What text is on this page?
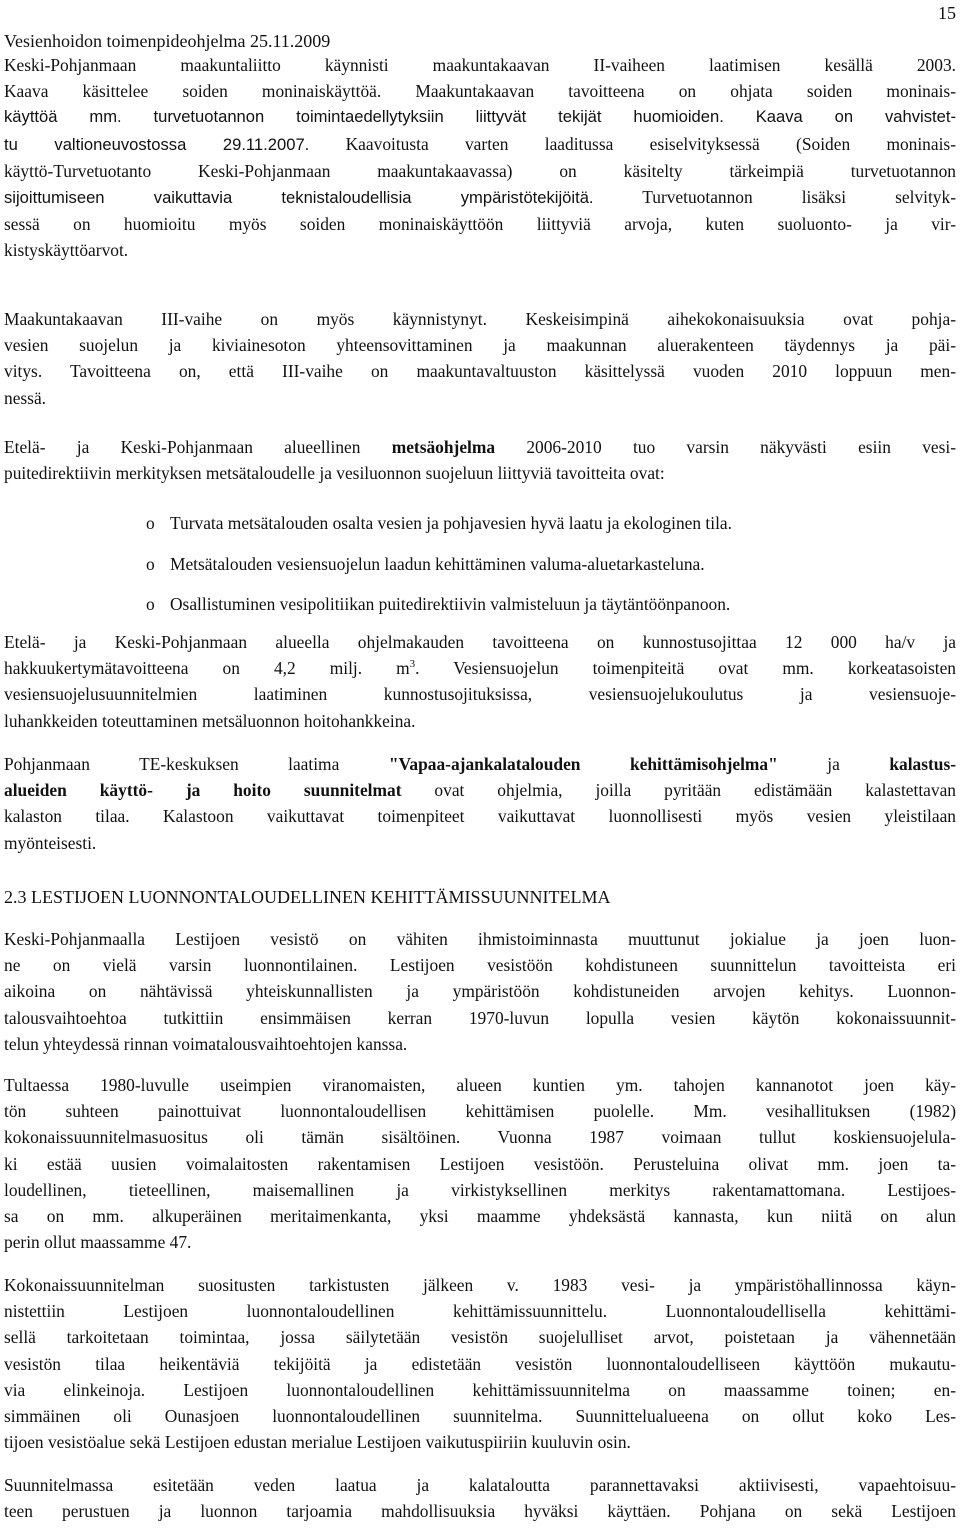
15
Vesienhoidon toimenpideohjelma 25.11.2009
Keski-Pohjanmaan maakuntaliitto käynnisti maakuntakaavan II-vaiheen laatimisen kesällä 2003.
Kaava käsittelee soiden moninaiskäyttöä. Maakuntakaavan tavoitteena on ohjata soiden moninais-
käyttöä mm. turvetuotannon toimintaedellytyksiin liittyvät tekijät huomioiden. Kaava on vahvistet-
tu valtioneuvostossa 29.11.2007. Kaavoitusta varten laaditussa esiselvityksessä (Soiden moninais-
käyttö-Turvetuotanto Keski-Pohjanmaan maakuntakaavassa) on käsitelty tärkeimpiä turvetuotannon
sijoittumiseen vaikuttavia teknistaloudellisia ympäristötekijöitä.	Turvetuotannon lisäksi selvityk-
sessä on huomioitu myös soiden moninaiskäyttöön liittyviä arvoja, kuten suoluonto- ja vir-
kistyskäyttöarvot.
Maakuntakaavan III-vaihe on myös käynnistynyt. Keskeisimpinä aihekokonaisuuksia ovat pohja-
vesien suojelun ja kiviainesoton yhteensovittaminen ja maakunnan aluerakenteen täydennys ja päi-
vitys. Tavoitteena on, että III-vaihe on maakuntavaltuuston käsittelyssä vuoden 2010 loppuun men-
nessä.
Etelä- ja Keski-Pohjanmaan alueellinen metsäohjelma 2006-2010 tuo varsin näkyvästi esiin vesi-
puitedirektiivin merkityksen metsätaloudelle ja vesiluonnon suojeluun liittyviä tavoitteita ovat:
o Turvata metsätalouden osalta vesien ja pohjavesien hyvä laatu ja ekologinen tila.
o Metsätalouden vesiensuojelun laadun kehittäminen valuma-aluetarkasteluna.
o Osallistuminen vesipolitiikan puitedirektiivin valmisteluun ja täytäntöönpanoon.
Etelä- ja Keski-Pohjanmaan alueella ohjelmakauden tavoitteena on kunnostusojittaa 12 000 ha/v ja
hakkuukertymätavoitteena on 4,2 milj. $m^3$. Vesiensuojelun toimenpiteitä ovat mm. korkeatasoisten
vesiensuojelusuunnitelmien laatiminen kunnostusojituksissa, vesiensuojelukoulutus ja vesiensuoje-
luhankkeiden toteuttaminen metsäluonnon hoitohankkeina.
Pohjanmaan TE-keskuksen laatima "Vapaa-ajankalatalouden kehittämisohjelma" ja kalastus-
alueiden käyttö- ja hoito suunnitelmat ovat ohjelmia, joilla pyritään edistämään kalastettavan
kalaston tilaa. Kalastoon vaikuttavat toimenpiteet vaikuttavat luonnollisesti myös vesien yleistilaan
myönteisesti.
2.3 LESTIJOEN LUONNONTALOUDELLINEN KEHITTÄMISSUUNNITELMA
Keski-Pohjanmaalla Lestijoen vesistö on vähiten ihmistoiminnasta muuttunut jokialue ja joen luon-
ne on vielä varsin luonnontilainen. Lestijoen vesistöön kohdistuneen suunnittelun tavoitteista eri
aikoina on nähtävissä yhteiskunnallisten ja ympäristöön kohdistuneiden arvojen kehitys. Luonnon-
talousvaihtoehtoa tutkittiin ensimmäisen kerran 1970-luvun lopulla vesien käytön kokonaissuunnit-
telun yhteydessä rinnan voimatalousvaihtoehtojen kanssa.
Tultaessa 1980-luvulle useimpien viranomaisten, alueen kuntien ym. tahojen kannanotot joen käy-
tön suhteen painottuivat luonnontaloudellisen kehittämisen puolelle. Mm. vesihallituksen (1982)
kokonaissuunnitelmasuositus oli tämän sisältöinen. Vuonna 1987 voimaan tullut koskiensuojelula-
ki estää uusien voimalaitosten rakentamisen Lestijoen vesistöön. Perusteluina olivat mm. joen ta-
loudellinen, tieteellinen, maisemallinen ja virkistyksellinen merkitys rakentamattomana. Lestijoes-
sa on mm. alkuperäinen meritaimenkanta, yksi maamme yhdeksästä kannasta, kun niitä on alun
perin ollut maassamme 47.
Kokonaissuunnitelman suositusten tarkistusten jälkeen v. 1983 vesi- ja ympäristöhallinnossa käyn-
nistettiin Lestijoen luonnontaloudellinen kehittämissuunnittelu. Luonnontaloudellisella kehittämi-
sellä tarkoitetaan toimintaa, jossa säilytetään vesistön suojelulliset arvot, poistetaan ja vähennetään
vesistön tilaa heikentäviä tekijöitä ja edistetään vesistön luonnontaloudelliseen käyttöön mukautu-
via elinkeinoja. Lestijoen luonnontaloudellinen kehittämissuunnitelma on maassamme toinen; en-
simmäinen oli Ounasjoen luonnontaloudellinen suunnitelma. Suunnittelualueena on ollut koko Les-
tijoen vesistöalue sekä Lestijoen edustan merialue Lestijoen vaikutuspiiriin kuuluvin osin.
Suunnitelmassa esitetään veden laatua ja kalataloutta parannettavaksi aktiivisesti, vapaehtoisuu-
teen perustuen ja luonnon tarjoamia mahdollisuuksia hyväksi käyttäen. Pohjana on sekä Lestijoen
